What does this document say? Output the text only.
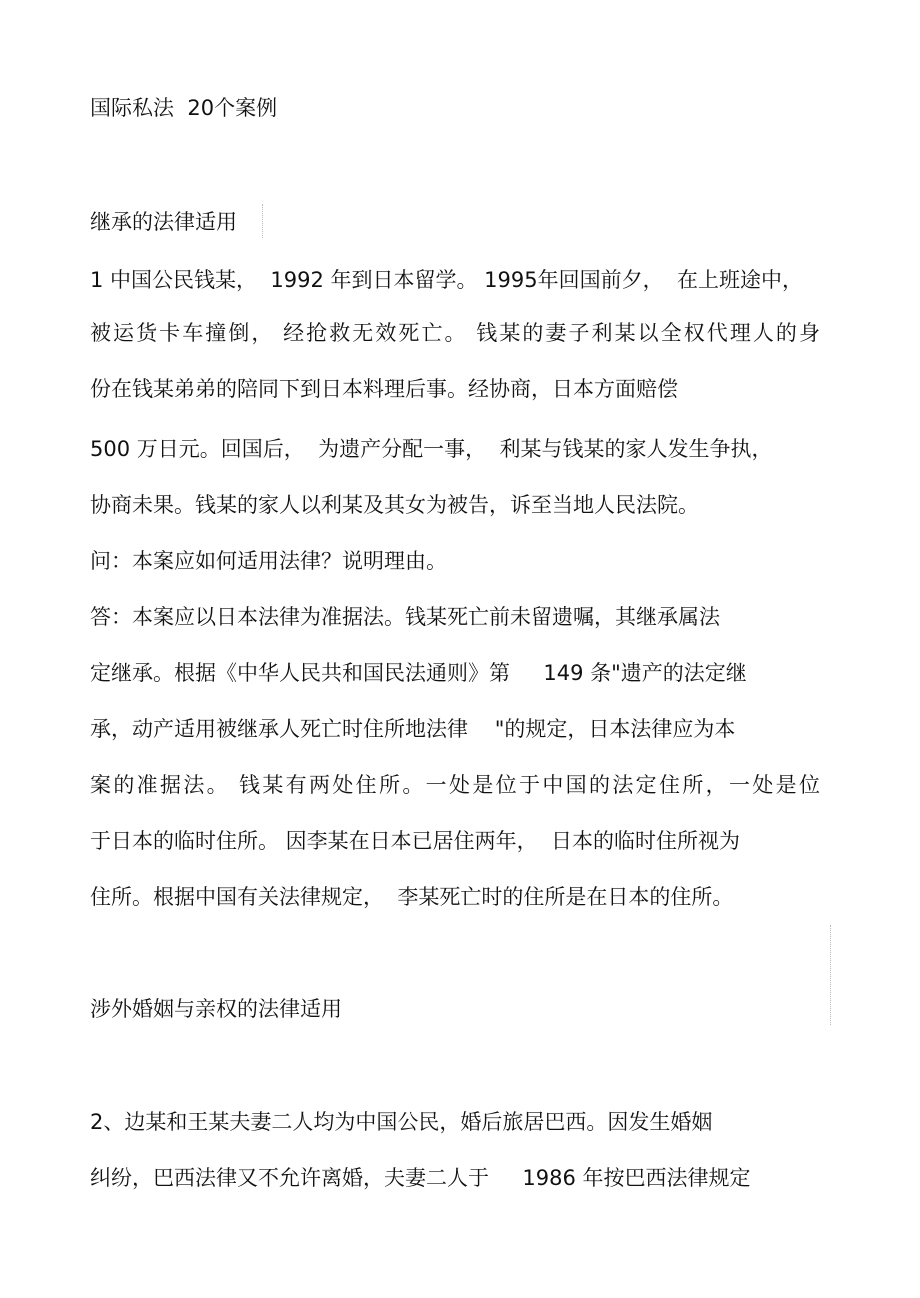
国际私法  20个案例
继承的法律适用
1 中国公民钱某，  1992 年到日本留学。 1995年回国前夕，  在上班途中，
被运货卡车撞倒， 经抢救无效死亡。 钱某的妻子利某以全权代理人的身
份在钱某弟弟的陪同下到日本料理后事。经协商，日本方面赔偿
500 万日元。回国后，  为遗产分配一事，  利某与钱某的家人发生争执，
协商未果。钱某的家人以利某及其女为被告，诉至当地人民法院。
问：本案应如何适用法律？说明理由。
答：本案应以日本法律为准据法。钱某死亡前未留遗嘱，其继承属法
定继承。根据《中华人民共和国民法通则》第     149 条"遗产的法定继
承，动产适用被继承人死亡时住所地法律    "的规定，日本法律应为本
案的准据法。 钱某有两处住所。一处是位于中国的法定住所，一处是位
于日本的临时住所。 因李某在日本已居住两年，  日本的临时住所视为
住所。根据中国有关法律规定，  李某死亡时的住所是在日本的住所。
涉外婚姻与亲权的法律适用
2、边某和王某夫妻二人均为中国公民，婚后旅居巴西。因发生婚姻
纠纷，巴西法律又不允许离婚，夫妻二人于     1986 年按巴西法律规定
